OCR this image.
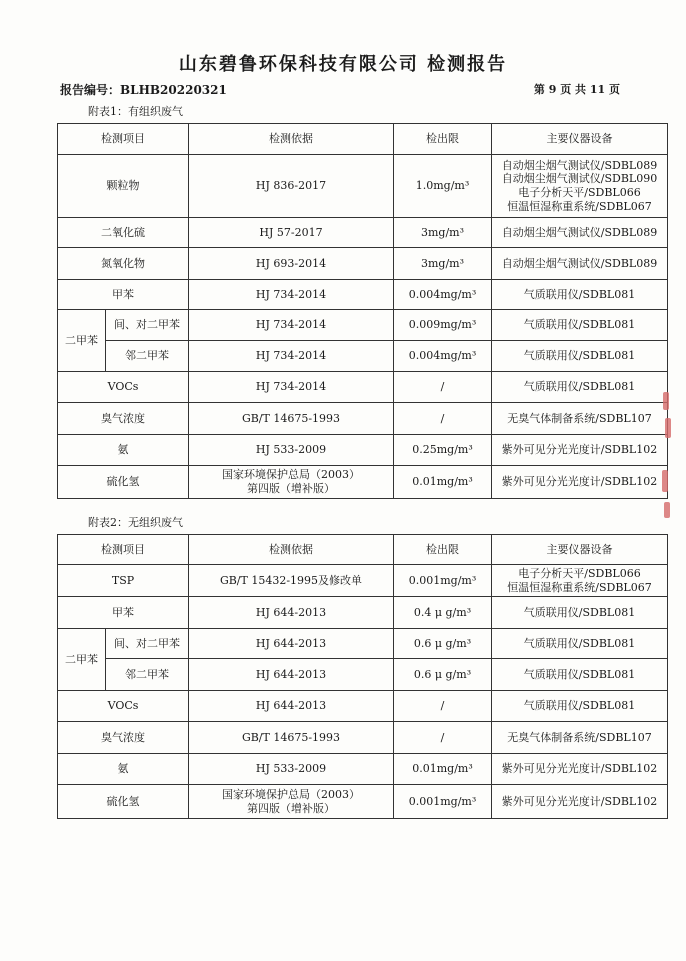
山东碧鲁环保科技有限公司 检测报告
报告编号：BLHB20220321	第 9 页 共 11 页
附表1：有组织废气
检测项目		检测依据	检出限	主要仪器设备
颗粒物		HJ 836-2017	1.0mg/m³	自动烟尘烟气测试仪/SDBL089
自动烟尘烟气测试仪/SDBL090
电子分析天平/SDBL066
恒温恒湿称重系统/SDBL067
二氧化硫		HJ 57-2017	3mg/m³	自动烟尘烟气测试仪/SDBL089
氮氧化物		HJ 693-2014	3mg/m³	自动烟尘烟气测试仪/SDBL089
甲苯		HJ 734-2014	0.004mg/m³	气质联用仪/SDBL081
二甲苯	间、对二甲苯	HJ 734-2014	0.009mg/m³	气质联用仪/SDBL081
	邻二甲苯	HJ 734-2014	0.004mg/m³	气质联用仪/SDBL081
VOCs		HJ 734-2014	/	气质联用仪/SDBL081
臭气浓度		GB/T 14675-1993	/	无臭气体制备系统/SDBL107
氨		HJ 533-2009	0.25mg/m³	紫外可见分光光度计/SDBL102
硫化氢		国家环境保护总局（2003）
第四版（增补版）	0.01mg/m³	紫外可见分光光度计/SDBL102
附表2：无组织废气
检测项目		检测依据	检出限	主要仪器设备
TSP		GB/T 15432-1995及修改单	0.001mg/m³	电子分析天平/SDBL066
恒温恒湿称重系统/SDBL067
甲苯		HJ 644-2013	0.4 μ g/m³	气质联用仪/SDBL081
二甲苯	间、对二甲苯	HJ 644-2013	0.6 μ g/m³	气质联用仪/SDBL081
	邻二甲苯	HJ 644-2013	0.6 μ g/m³	气质联用仪/SDBL081
VOCs		HJ 644-2013	/	气质联用仪/SDBL081
臭气浓度		GB/T 14675-1993	/	无臭气体制备系统/SDBL107
氨		HJ 533-2009	0.01mg/m³	紫外可见分光光度计/SDBL102
硫化氢		国家环境保护总局（2003）
第四版（增补版）	0.001mg/m³	紫外可见分光光度计/SDBL102
